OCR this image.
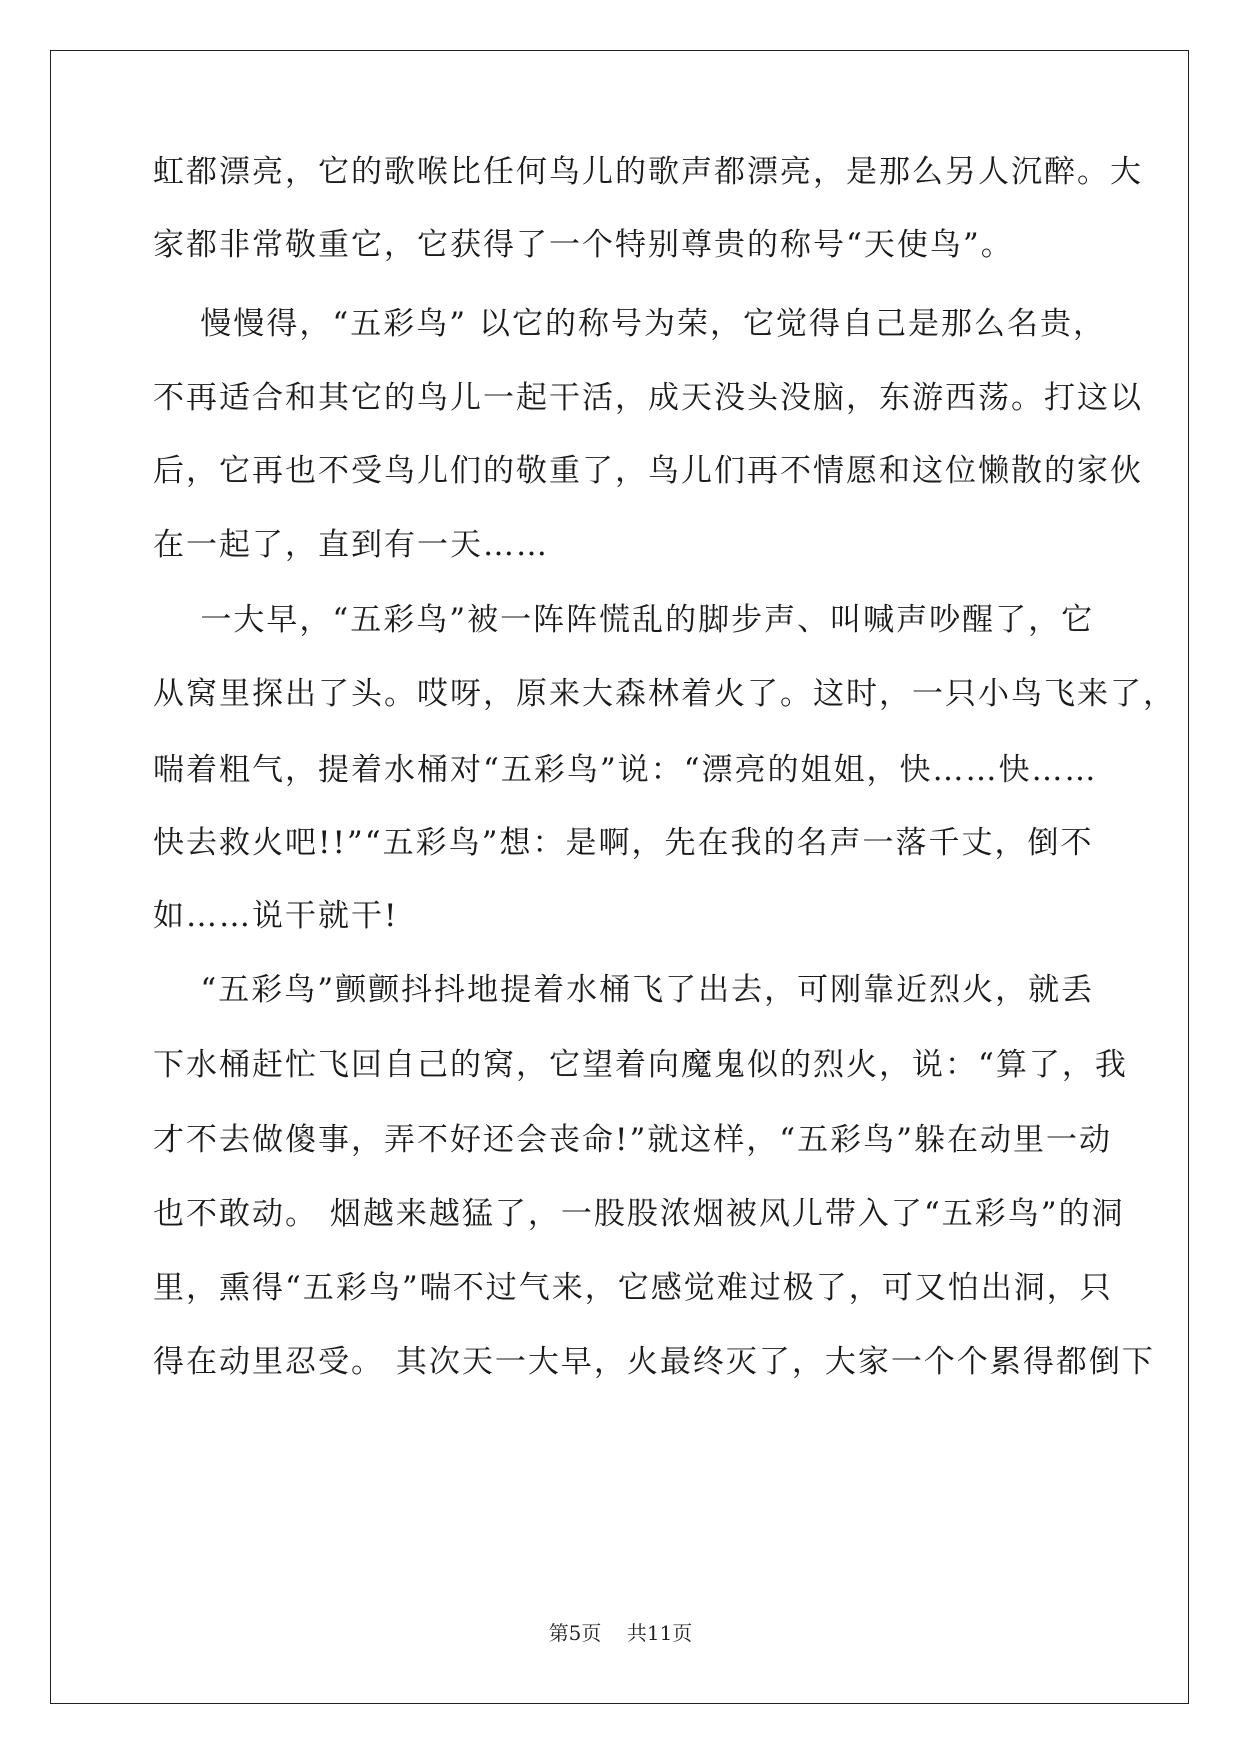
虹都漂亮，它的歌喉比任何鸟儿的歌声都漂亮，是那么另人沉醉。大
家都非常敬重它，它获得了一个特别尊贵的称号“天使鸟”。
慢慢得，“五彩鸟” 以它的称号为荣，它觉得自己是那么名贵，
不再适合和其它的鸟儿一起干活，成天没头没脑，东游西荡。打这以
后，它再也不受鸟儿们的敬重了，鸟儿们再不情愿和这位懒散的家伙
在一起了，直到有一天……
一大早，“五彩鸟”被一阵阵慌乱的脚步声、叫喊声吵醒了，它
从窝里探出了头。哎呀，原来大森林着火了。这时，一只小鸟飞来了，
喘着粗气，提着水桶对“五彩鸟”说：“漂亮的姐姐，快……快……
快去救火吧!!”“五彩鸟”想：是啊，先在我的名声一落千丈，倒不
如……说干就干!
“五彩鸟”颤颤抖抖地提着水桶飞了出去，可刚靠近烈火，就丢
下水桶赶忙飞回自己的窝，它望着向魔鬼似的烈火，说：“算了，我
才不去做傻事，弄不好还会丧命!”就这样，“五彩鸟”躲在动里一动
也不敢动。 烟越来越猛了，一股股浓烟被风儿带入了“五彩鸟”的洞
里，熏得“五彩鸟”喘不过气来，它感觉难过极了，可又怕出洞，只
得在动里忍受。 其次天一大早，火最终灭了，大家一个个累得都倒下
第5页    共11页
